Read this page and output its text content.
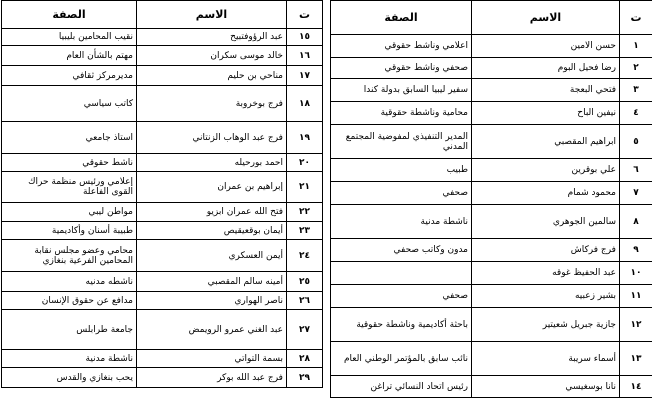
الصفة	الاسم	ت
اعلامي وناشط حقوقي	حسن الامين	١
صحفي وناشط حقوقي	رضا فحيل البوم	٢
سفير ليبيا السابق بدولة كندا	فتحي البعجة	٣
محامية وناشطة حقوقية	نيفين الباح	٤
المدير التنفيذي لمفوضية المجتمع المدني	ابراهيم المقصبي	٥
طبيب	علي بوقرين	٦
صحفي	محمود شمام	٧
ناشطة مدنية	سالمين الجوهري	٨
مدون وكاتب صحفي	فرج فركاش	٩
	عبد الحفيظ غوقه	١٠
صحفي	بشير زعبيه	١١
باحثة أكاديمية وناشطة حقوقية	جازية جبريل شعيتير	١٢
نائب سابق بالمؤتمر الوطني العام	أسماء سريبة	١٣
رئيس اتحاد النسائي تراغن	نانا بوسغيسي	١٤
الصفة	الاسم	ت
نقيب المحامين بليبيا	عبد الرؤوفتبيح	١٥
مهتم بالشأن العام	خالد موسى سكران	١٦
مديرمركز ثقافي	مناحي بن حليم	١٧
كاتب سياسي	فرج بوخروبة	١٨
استاذ جامعي	فرج عبد الوهاب الزنتاني	١٩
ناشط حقوقي	احمد بورحيله	٢٠
إعلامي ورئيس منظمة حراك القوى الفاعلة	إبراهيم بن عمران	٢١
مواطن ليبي	فتح الله عمران ابزيو	٢٢
طبيبة أسنان وأكاديمية	أيمان بوقعيقيص	٢٣
محامي وعضو مجلس نقابة المحامين الفرعية بنغازي	أيمن العسكري	٢٤
ناشطه مدنيه	أمينه سالم المقصبي	٢٥
مدافع عن حقوق الإنسان	ناصر الهواري	٢٦
جامعة طرابلس	عبد الغني عمرو الرويمض	٢٧
ناشطة مدنية	بسمة التواتي	٢٨
يحب بنغازي والقدس	فرج عبد الله بوكر	٢٩
